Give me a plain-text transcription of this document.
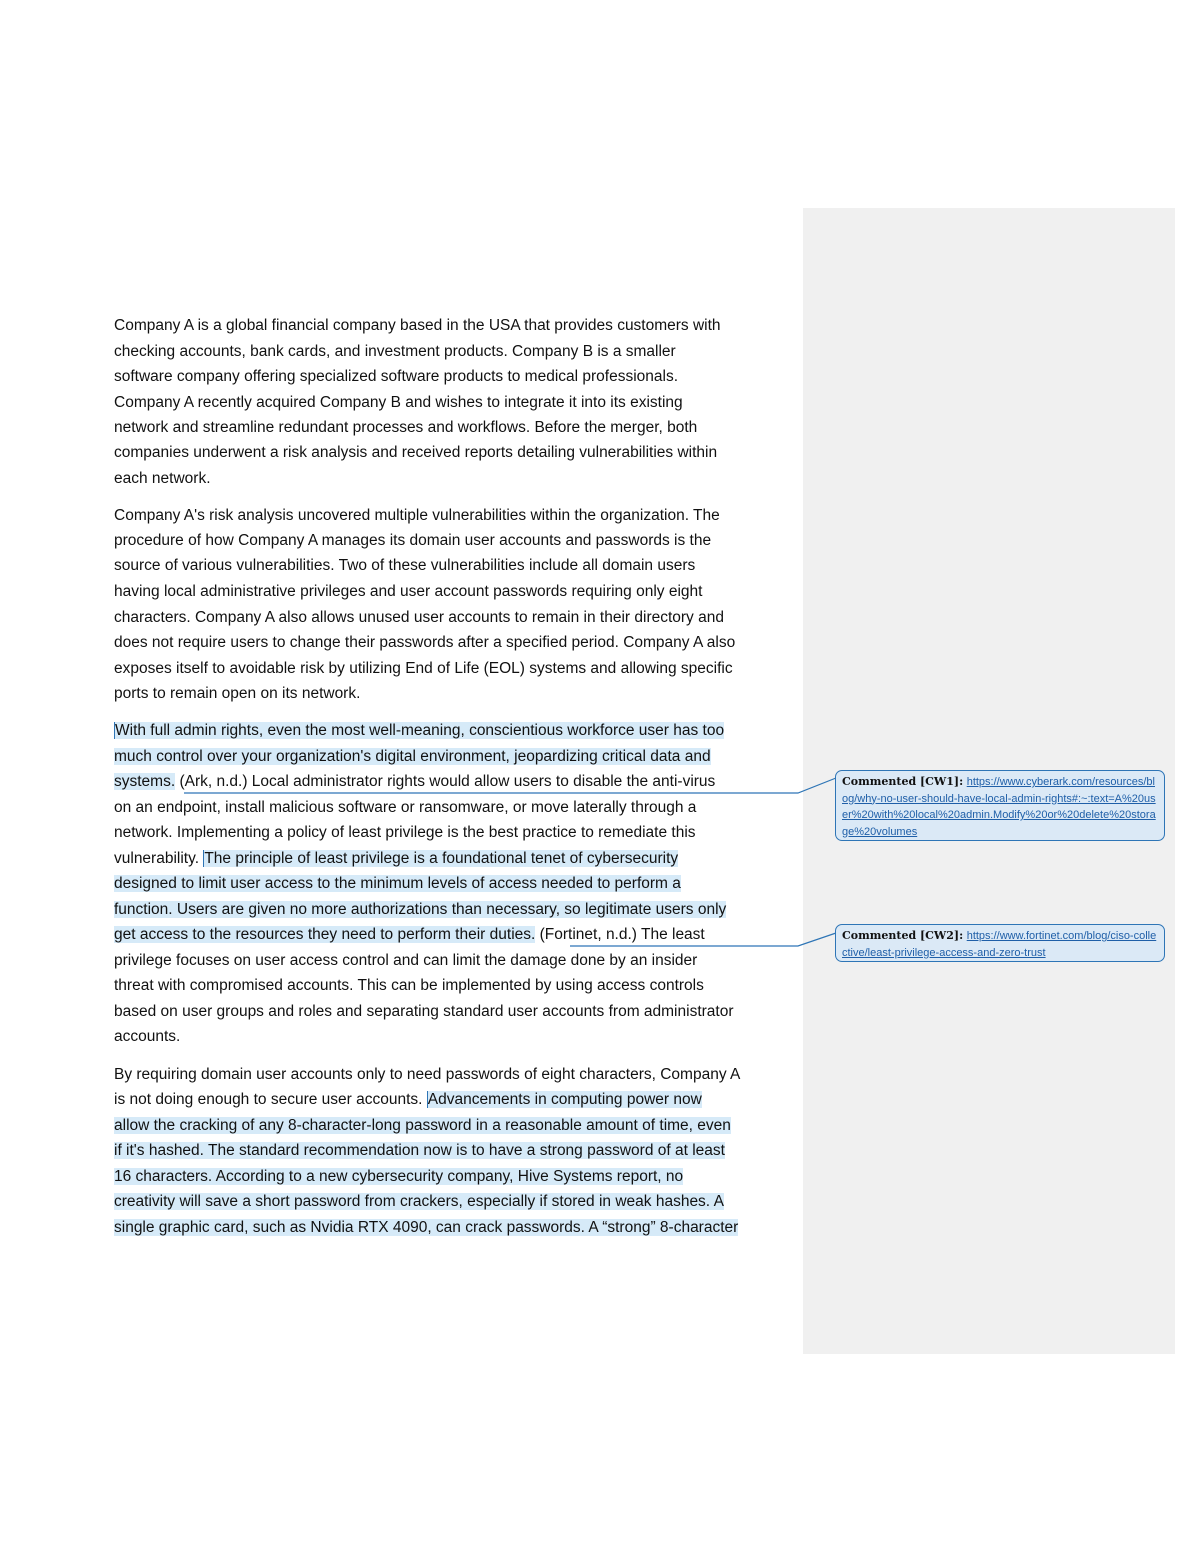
Company A is a global financial company based in the USA that provides customers with
checking accounts, bank cards, and investment products. Company B is a smaller
software company offering specialized software products to medical professionals.
Company A recently acquired Company B and wishes to integrate it into its existing
network and streamline redundant processes and workflows. Before the merger, both
companies underwent a risk analysis and received reports detailing vulnerabilities within
each network.
Company A's risk analysis uncovered multiple vulnerabilities within the organization. The
procedure of how Company A manages its domain user accounts and passwords is the
source of various vulnerabilities. Two of these vulnerabilities include all domain users
having local administrative privileges and user account passwords requiring only eight
characters. Company A also allows unused user accounts to remain in their directory and
does not require users to change their passwords after a specified period. Company A also
exposes itself to avoidable risk by utilizing End of Life (EOL) systems and allowing specific
ports to remain open on its network.
With full admin rights, even the most well-meaning, conscientious workforce user has too
much control over your organization's digital environment, jeopardizing critical data and
systems. (Ark, n.d.) Local administrator rights would allow users to disable the anti-virus
on an endpoint, install malicious software or ransomware, or move laterally through a
network. Implementing a policy of least privilege is the best practice to remediate this
vulnerability. The principle of least privilege is a foundational tenet of cybersecurity
designed to limit user access to the minimum levels of access needed to perform a
function. Users are given no more authorizations than necessary, so legitimate users only
get access to the resources they need to perform their duties. (Fortinet, n.d.) The least
privilege focuses on user access control and can limit the damage done by an insider
threat with compromised accounts. This can be implemented by using access controls
based on user groups and roles and separating standard user accounts from administrator
accounts.
By requiring domain user accounts only to need passwords of eight characters, Company A
is not doing enough to secure user accounts. Advancements in computing power now
allow the cracking of any 8-character-long password in a reasonable amount of time, even
if it's hashed. The standard recommendation now is to have a strong password of at least
16 characters. According to a new cybersecurity company, Hive Systems report, no
creativity will save a short password from crackers, especially if stored in weak hashes. A
single graphic card, such as Nvidia RTX 4090, can crack passwords. A “strong” 8-character
Commented [CW1]: https://www.cyberark.com/resources/blog/why-no-user-should-have-local-admin-rights#:~:text=A%20user%20with%20local%20admin.Modify%20or%20delete%20storage%20volumes
Commented [CW2]: https://www.fortinet.com/blog/ciso-collective/least-privilege-access-and-zero-trust
